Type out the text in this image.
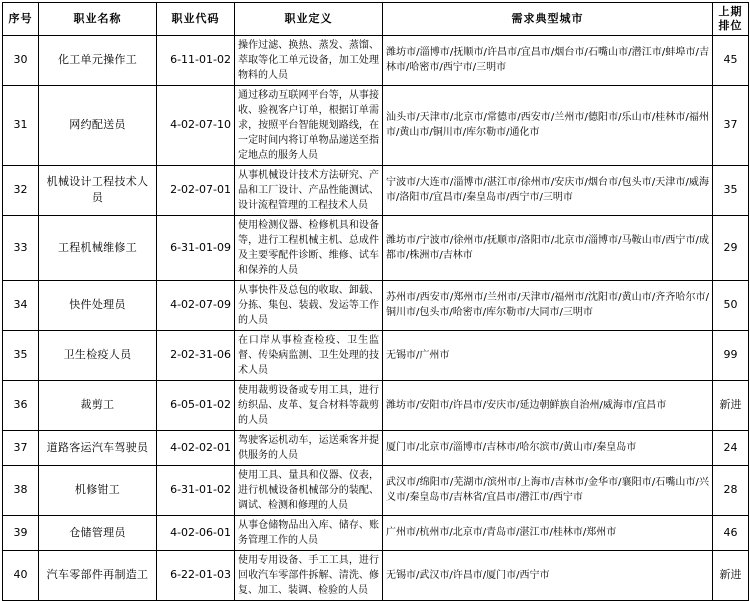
序号	职业名称	职业代码	职业定义	需求典型城市	上期
排位

30	化工单元操作工	6-11-01-02	操作过滤、换热、蒸发、蒸馏、萃取等化工单元设备，加工处理物料的人员	潍坊市/淄博市/抚顺市/许昌市/宜昌市/烟台市/石嘴山市/潜江市/蚌埠市/吉林市/哈密市/西宁市/三明市	45
31	网约配送员	4-02-07-10	通过移动互联网平台等，从事接收、验视客户订单，根据订单需求，按照平台智能规划路线，在一定时间内将订单物品递送至指定地点的服务人员	汕头市/天津市/北京市/常德市/西安市/兰州市/德阳市/乐山市/桂林市/福州市/黄山市/铜川市/库尔勒市/通化市	37
32	机械设计工程技术人员	2-02-07-01	从事机械设计技术方法研究、产品和工厂设计、产品性能测试、设计流程管理的工程技术人员	宁波市/大连市/淄博市/湛江市/徐州市/安庆市/烟台市/包头市/天津市/威海市/洛阳市/宜昌市/秦皇岛市/西宁市/三明市	35
33	工程机械维修工	6-31-01-09	使用检测仪器、检修机具和设备等，进行工程机械主机、总成件及主要零配件诊断、维修、试车和保养的人员	潍坊市/宁波市/徐州市/抚顺市/洛阳市/北京市/淄博市/马鞍山市/西宁市/成都市/株洲市/吉林市	29
34	快件处理员	4-02-07-09	从事快件及总包的收取、卸载、分拣、集包、装载、发运等工作的人员	苏州市/西安市/郑州市/兰州市/天津市/福州市/沈阳市/黄山市/齐齐哈尔市/铜川市/包头市/哈密市/库尔勒市/大同市/三明市	50
35	卫生检疫人员	2-02-31-06	在口岸从事检查检疫、卫生监督、传染病监测、卫生处理的技术人员	无锡市/广州市	99
36	裁剪工	6-05-01-02	使用裁剪设备或专用工具，进行纺织品、皮革、复合材料等裁剪的人员	潍坊市/安阳市/许昌市/安庆市/延边朝鲜族自治州/威海市/宜昌市	新进
37	道路客运汽车驾驶员	4-02-02-01	驾驶客运机动车，运送乘客并提供服务的人员	厦门市/北京市/淄博市/吉林市/哈尔滨市/黄山市/秦皇岛市	24
38	机修钳工	6-31-01-02	使用工具、量具和仪器、仪表，进行机械设备机械部分的装配、调试、检测和修理的人员	武汉市/绵阳市/芜湖市/滨州市/上海市/吉林市/金华市/襄阳市/石嘴山市/兴义市/秦皇岛市/吉林省/宜昌市/潜江市/西宁市	28
39	仓储管理员	4-02-06-01	从事仓储物品出入库、储存、账务管理工作的人员	广州市/杭州市/北京市/青岛市/湛江市/桂林市/郑州市	46
40	汽车零部件再制造工	6-22-01-03	使用专用设备、手工工具，进行回收汽车零部件拆解、清洗、修复、加工、装调、检验的人员	无锡市/武汉市/许昌市/厦门市/西宁市	新进
